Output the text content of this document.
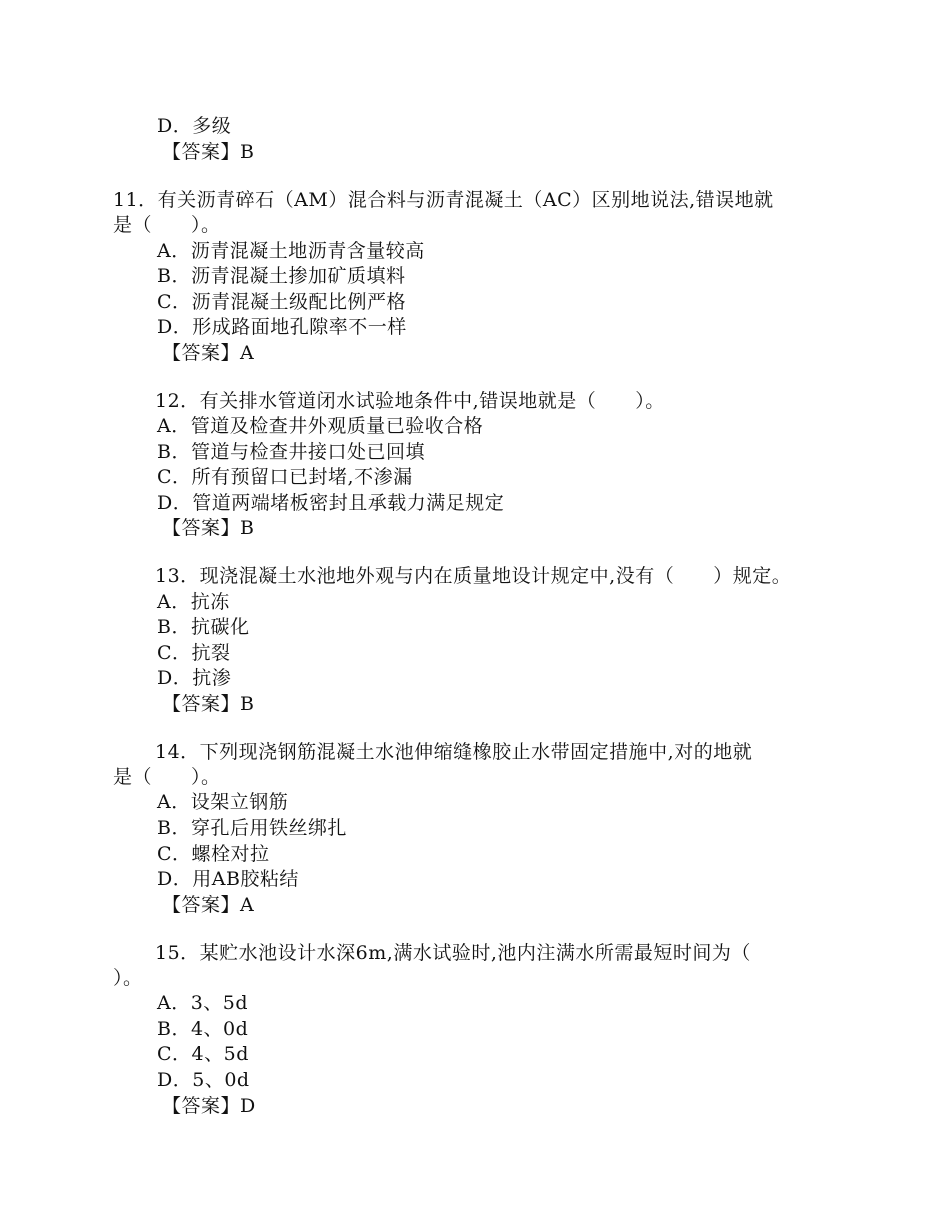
D．多级
【答案】B
11．有关沥青碎石（AM）混合料与沥青混凝土（AC）区别地说法,错误地就
是（　　）。
A．沥青混凝土地沥青含量较高
B．沥青混凝土掺加矿质填料
C．沥青混凝土级配比例严格
D．形成路面地孔隙率不一样
【答案】A
12．有关排水管道闭水试验地条件中,错误地就是（　　）。
A．管道及检查井外观质量已验收合格
B．管道与检查井接口处已回填
C．所有预留口已封堵,不渗漏
D．管道两端堵板密封且承载力满足规定
【答案】B
13．现浇混凝土水池地外观与内在质量地设计规定中,没有（　　）规定。
A．抗冻
B．抗碳化
C．抗裂
D．抗渗
【答案】B
14．下列现浇钢筋混凝土水池伸缩缝橡胶止水带固定措施中,对的地就
是（　　）。
A．设架立钢筋
B．穿孔后用铁丝绑扎
C．螺栓对拉
D．用AB胶粘结
【答案】A
15．某贮水池设计水深6m,满水试验时,池内注满水所需最短时间为（
）。
A．3、5d
B．4、0d
C．4、5d
D．5、0d
【答案】D
